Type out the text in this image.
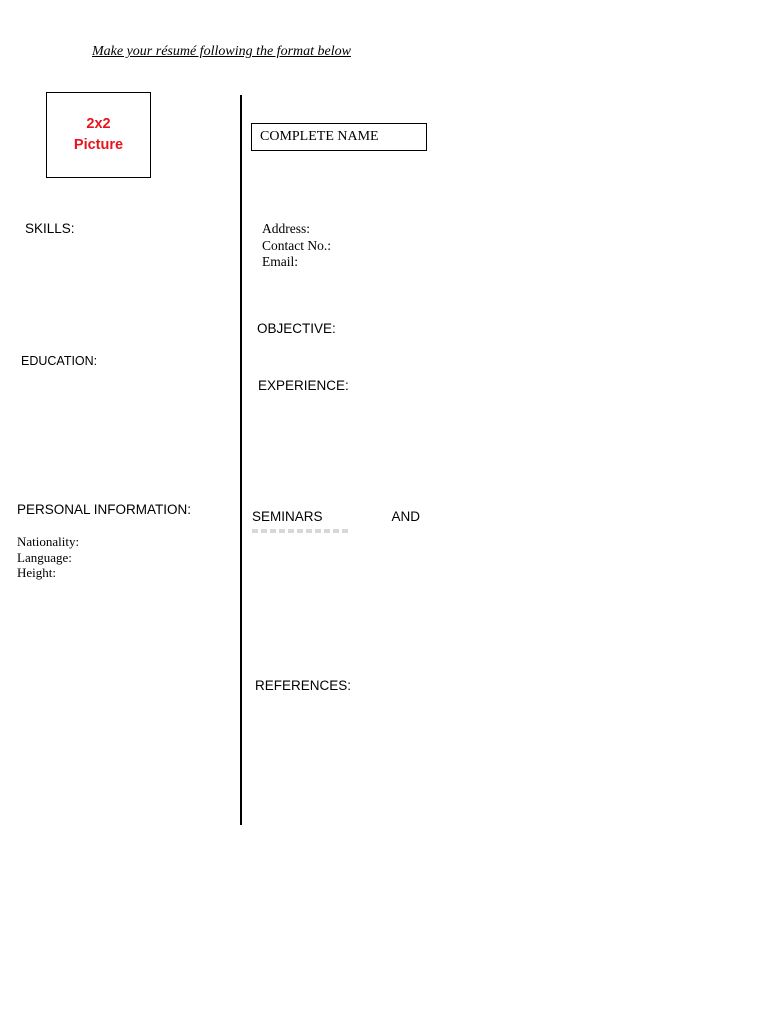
Make your résumé following the format below
2x2
Picture
COMPLETE NAME
SKILLS:	Address:
Contact No.:
Email:
OBJECTIVE:
EDUCATION:
EXPERIENCE:
PERSONAL INFORMATION:
Nationality:
Language:
Height:
SEMINARS	AND
REFERENCES:
